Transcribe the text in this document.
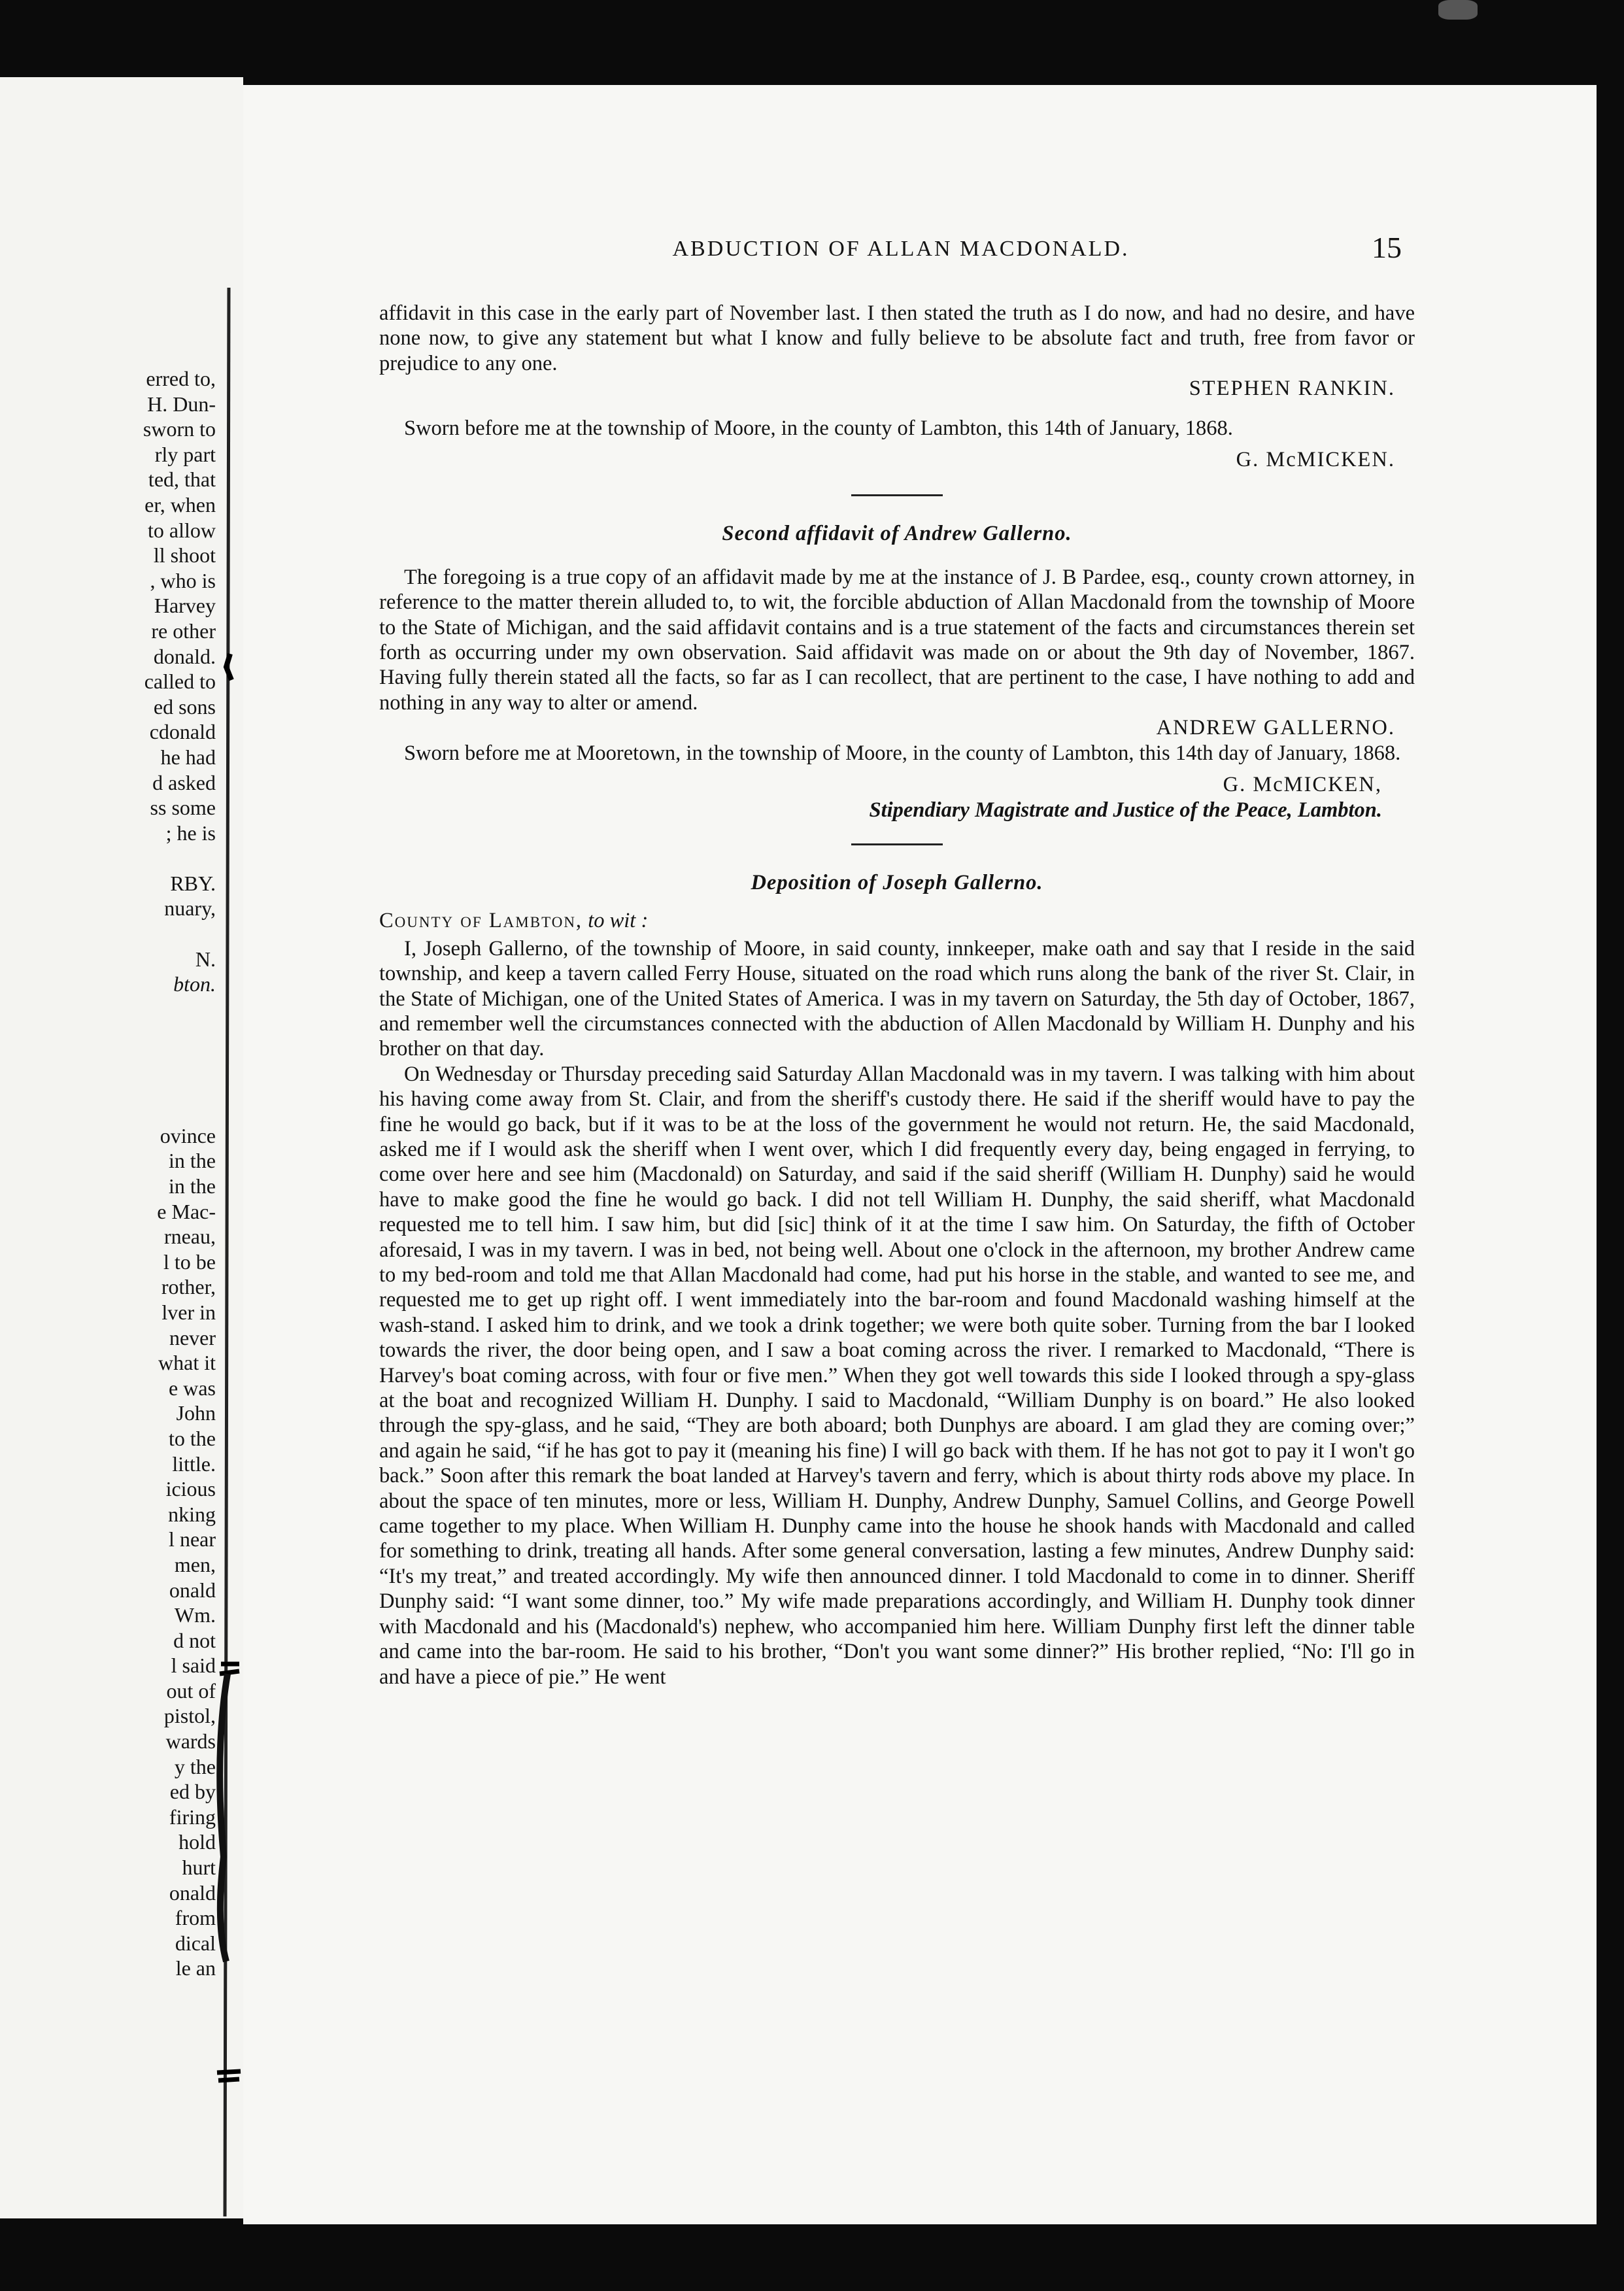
erred to,
H. Dun-
sworn to
rly part
ted, that
er, when
to allow
ll shoot
, who is
Harvey
re other
donald.
called to
ed sons
cdonald
he had
d asked
ss some
; he is
RBY.
nuary,
N.
bton.
ovince
in the
in the
e Mac-
rneau,
l to be
rother,
lver in
never
what it
e was
John
to the
little.
icious
nking
l near
men,
onald
Wm.
d not
l said
out of
pistol,
wards
y the
ed by
firing
hold
hurt
onald
from
dical
le an
ABDUCTION OF ALLAN MACDONALD.	15

affidavit in this case in the early part of November last. I then stated the truth as I do now, and had no desire, and have none now, to give any statement but what I know and fully believe to be absolute fact and truth, free from favor or prejudice to any one.

STEPHEN RANKIN.

Sworn before me at the township of Moore, in the county of Lambton, this 14th of January, 1868.

G. McMICKEN.

Second affidavit of Andrew Gallerno.

The foregoing is a true copy of an affidavit made by me at the instance of J. B Pardee, esq., county crown attorney, in reference to the matter therein alluded to, to wit, the forcible abduction of Allan Macdonald from the township of Moore to the State of Michigan, and the said affidavit contains and is a true statement of the facts and circumstances therein set forth as occurring under my own observation. Said affidavit was made on or about the 9th day of November, 1867. Having fully therein stated all the facts, so far as I can recollect, that are pertinent to the case, I have nothing to add and nothing in any way to alter or amend.

ANDREW GALLERNO.

Sworn before me at Mooretown, in the township of Moore, in the county of Lambton, this 14th day of January, 1868.

G. McMICKEN,

Stipendiary Magistrate and Justice of the Peace, Lambton.

Deposition of Joseph Gallerno.

County of Lambton, to wit :

I, Joseph Gallerno, of the township of Moore, in said county, innkeeper, make oath and say that I reside in the said township, and keep a tavern called Ferry House, situated on the road which runs along the bank of the river St. Clair, in the State of Michigan, one of the United States of America. I was in my tavern on Saturday, the 5th day of October, 1867, and remember well the circumstances connected with the abduction of Allen Macdonald by William H. Dunphy and his brother on that day.

On Wednesday or Thursday preceding said Saturday Allan Macdonald was in my tavern. I was talking with him about his having come away from St. Clair, and from the sheriff's custody there. He said if the sheriff would have to pay the fine he would go back, but if it was to be at the loss of the government he would not return. He, the said Macdonald, asked me if I would ask the sheriff when I went over, which I did frequently every day, being engaged in ferrying, to come over here and see him (Macdonald) on Saturday, and said if the said sheriff (William H. Dunphy) said he would have to make good the fine he would go back. I did not tell William H. Dunphy, the said sheriff, what Macdonald requested me to tell him. I saw him, but did [sic] think of it at the time I saw him. On Saturday, the fifth of October aforesaid, I was in my tavern. I was in bed, not being well. About one o'clock in the afternoon, my brother Andrew came to my bed-room and told me that Allan Macdonald had come, had put his horse in the stable, and wanted to see me, and requested me to get up right off. I went immediately into the bar-room and found Macdonald washing himself at the wash-stand. I asked him to drink, and we took a drink together; we were both quite sober. Turning from the bar I looked towards the river, the door being open, and I saw a boat coming across the river. I remarked to Macdonald, “There is Harvey's boat coming across, with four or five men.” When they got well towards this side I looked through a spy-glass at the boat and recognized William H. Dunphy. I said to Macdonald, “William Dunphy is on board.” He also looked through the spy-glass, and he said, “They are both aboard; both Dunphys are aboard. I am glad they are coming over;” and again he said, “if he has got to pay it (meaning his fine) I will go back with them. If he has not got to pay it I won't go back.” Soon after this remark the boat landed at Harvey's tavern and ferry, which is about thirty rods above my place. In about the space of ten minutes, more or less, William H. Dunphy, Andrew Dunphy, Samuel Collins, and George Powell came together to my place. When William H. Dunphy came into the house he shook hands with Macdonald and called for something to drink, treating all hands. After some general conversation, lasting a few minutes, Andrew Dunphy said: “It's my treat,” and treated accordingly. My wife then announced dinner. I told Macdonald to come in to dinner. Sheriff Dunphy said: “I want some dinner, too.” My wife made preparations accordingly, and William H. Dunphy took dinner with Macdonald and his (Macdonald's) nephew, who accompanied him here. William Dunphy first left the dinner table and came into the bar-room. He said to his brother, “Don't you want some dinner?” His brother replied, “No: I'll go in and have a piece of pie.” He went
